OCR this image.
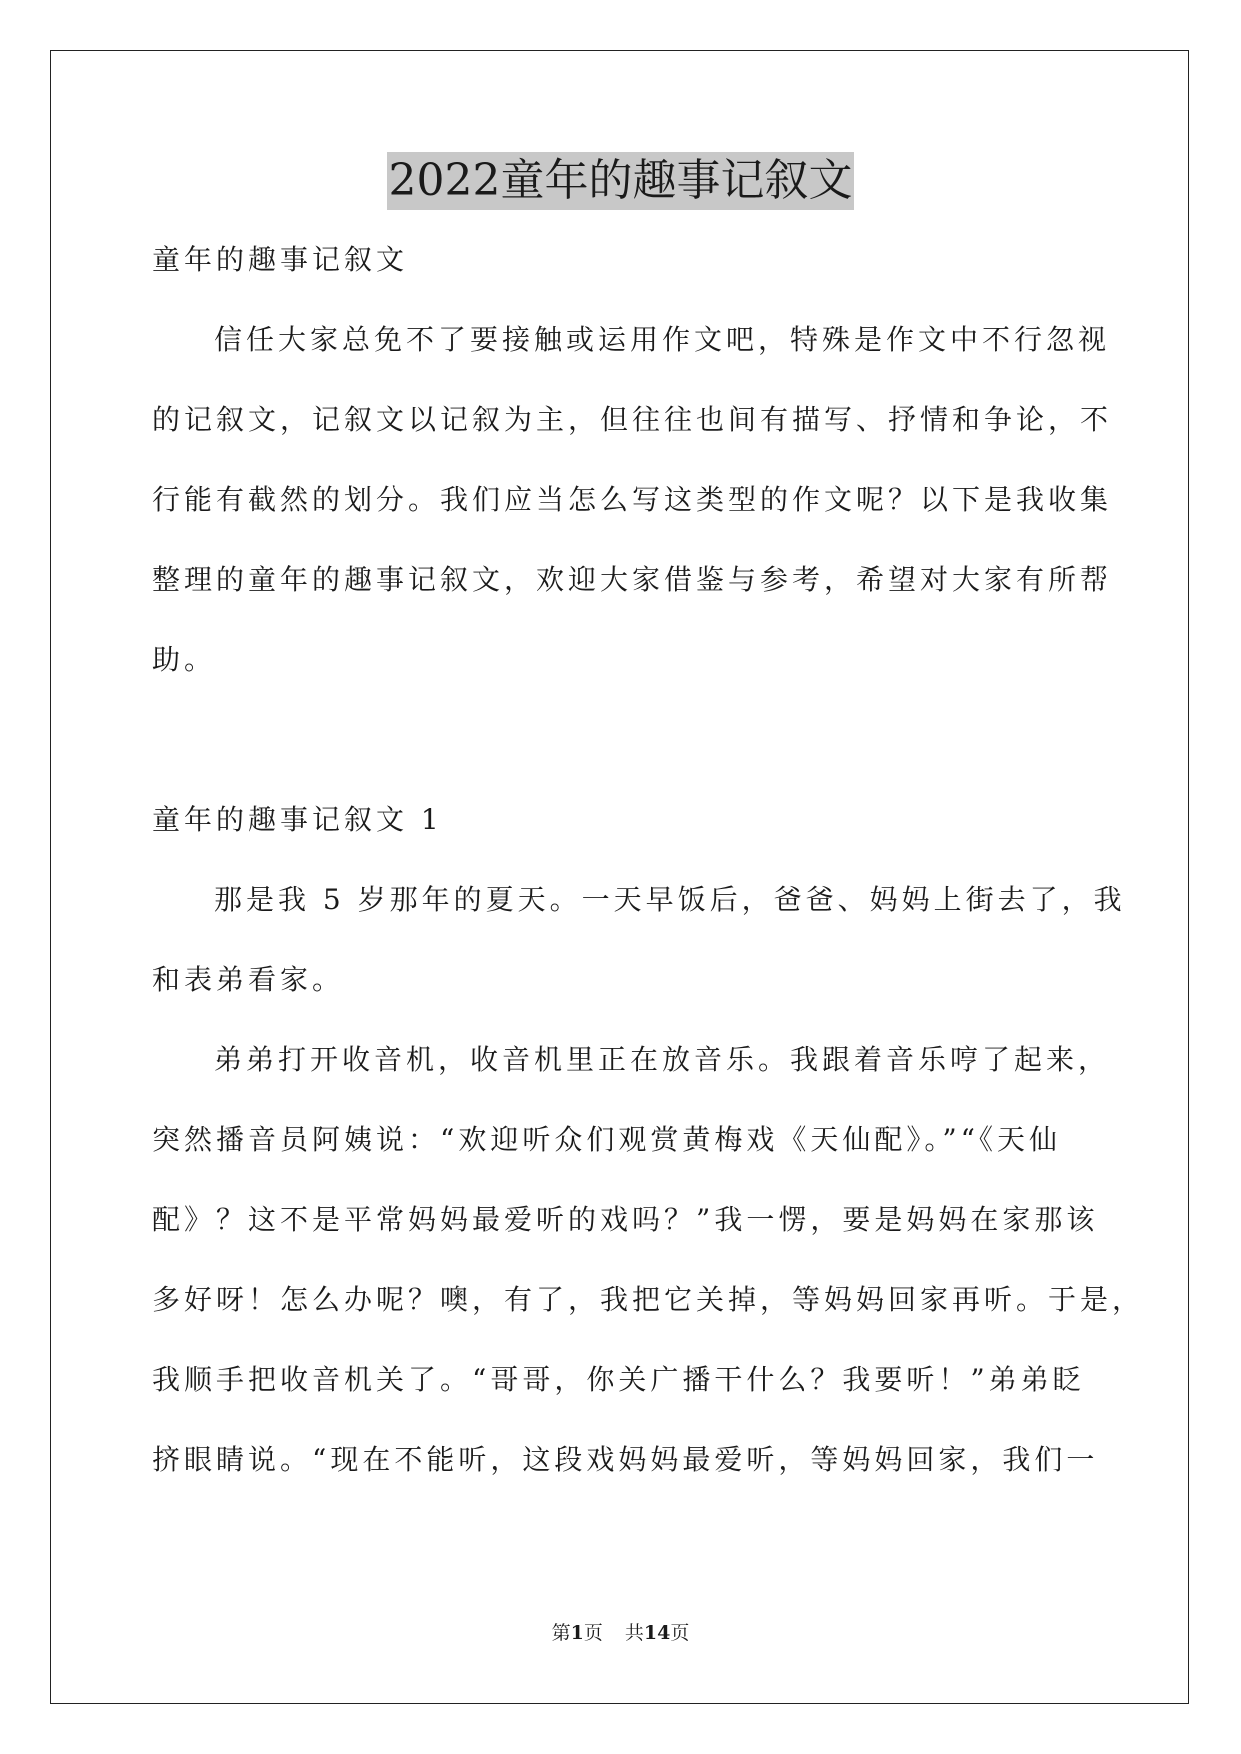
2022童年的趣事记叙文
童年的趣事记叙文
信任大家总免不了要接触或运用作文吧，特殊是作文中不行忽视
的记叙文，记叙文以记叙为主，但往往也间有描写、抒情和争论，不
行能有截然的划分。我们应当怎么写这类型的作文呢？以下是我收集
整理的童年的趣事记叙文，欢迎大家借鉴与参考，希望对大家有所帮
助。
童年的趣事记叙文 1
那是我 5 岁那年的夏天。一天早饭后，爸爸、妈妈上街去了，我
和表弟看家。
弟弟打开收音机，收音机里正在放音乐。我跟着音乐哼了起来，
突然播音员阿姨说：“欢迎听众们观赏黄梅戏《天仙配》。”“《天仙
配》？这不是平常妈妈最爱听的戏吗？”我一愣，要是妈妈在家那该
多好呀！怎么办呢？噢，有了，我把它关掉，等妈妈回家再听。于是，
我顺手把收音机关了。“哥哥，你关广播干什么？我要听！”弟弟眨
挤眼睛说。“现在不能听，这段戏妈妈最爱听，等妈妈回家，我们一
第1页 共14页
